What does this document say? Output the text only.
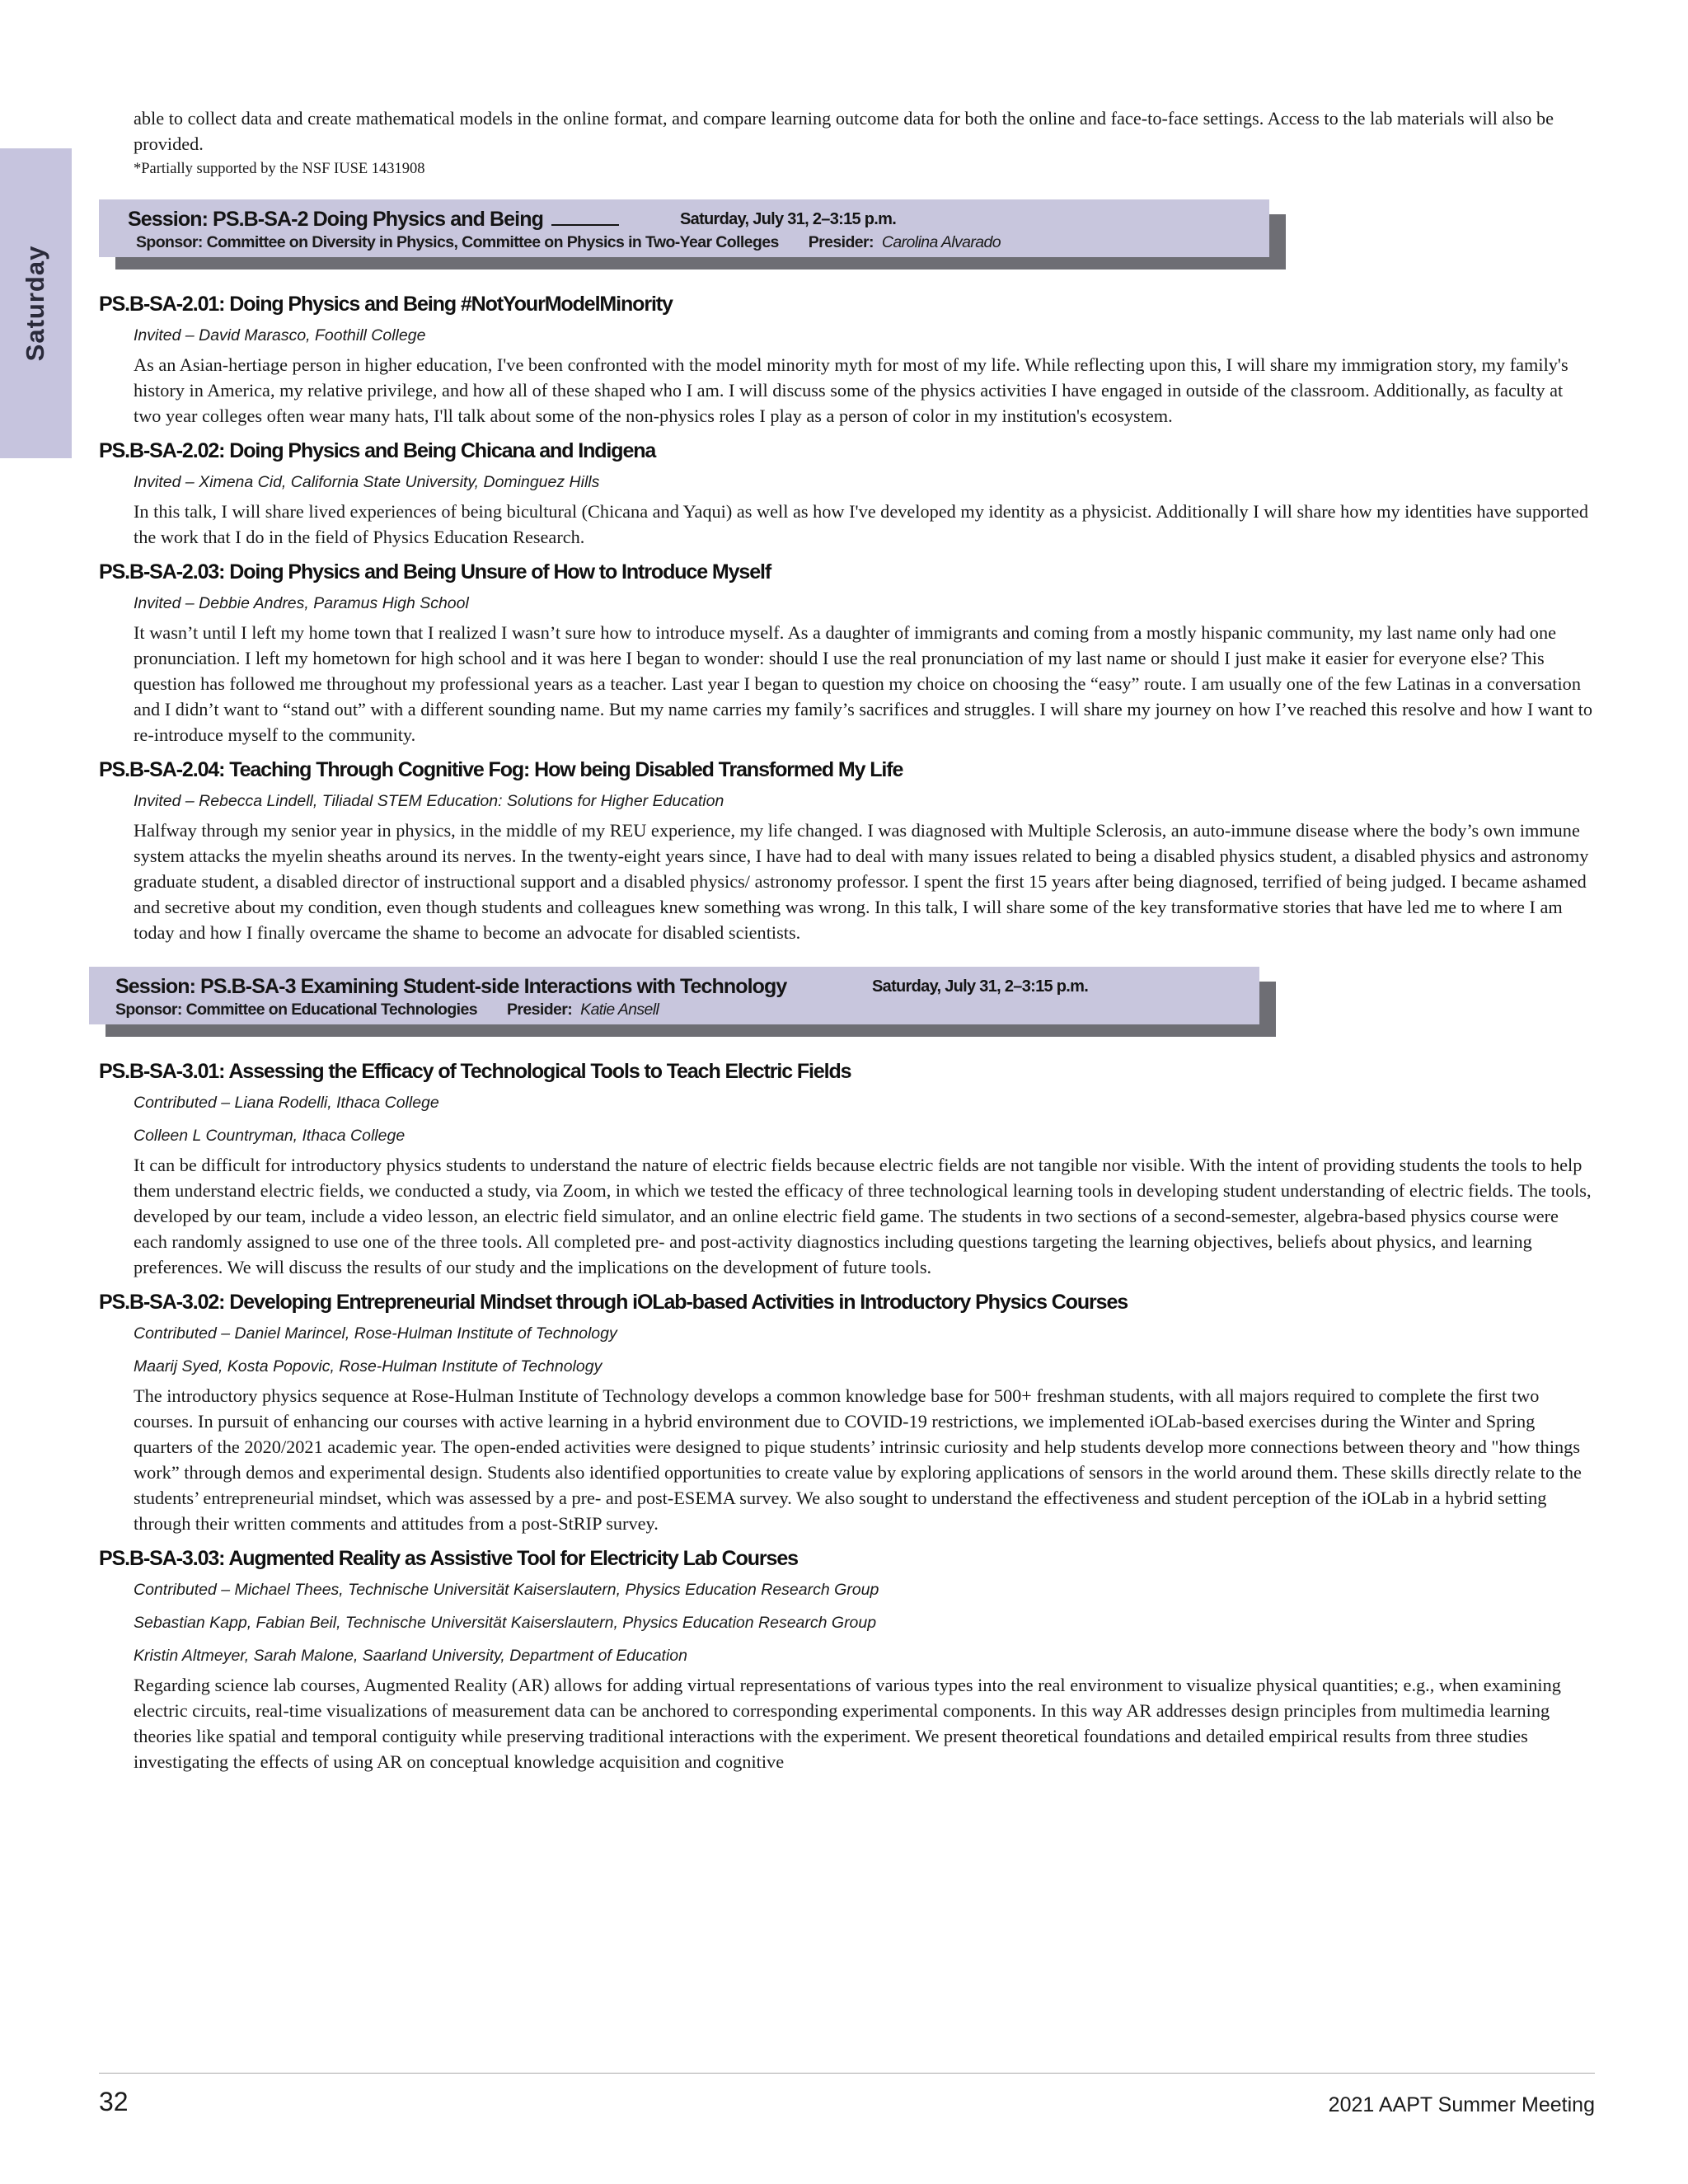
Saturday
able to collect data and create mathematical models in the online format, and compare learning outcome data for both the online and face-to-face settings. Access to the lab materials will also be provided.
*Partially supported by the NSF IUSE 1431908
Session: PS.B-SA-2 Doing Physics and Being	Saturday, July 31, 2–3:15 p.m.
Sponsor: Committee on Diversity in Physics, Committee on Physics in Two-Year Colleges Presider: Carolina Alvarado
PS.B-SA-2.01: Doing Physics and Being #NotYourModelMinority
Invited – David Marasco, Foothill College
As an Asian-hertiage person in higher education, I've been confronted with the model minority myth for most of my life. While reflecting upon this, I will share my immigration story, my family's history in America, my relative privilege, and how all of these shaped who I am. I will discuss some of the physics activities I have engaged in outside of the classroom. Additionally, as faculty at two year colleges often wear many hats, I'll talk about some of the non-physics roles I play as a person of color in my institution's ecosystem.
PS.B-SA-2.02: Doing Physics and Being Chicana and Indigena
Invited – Ximena Cid, California State University, Dominguez Hills
In this talk, I will share lived experiences of being bicultural (Chicana and Yaqui) as well as how I've developed my identity as a physicist. Additionally I will share how my identities have supported the work that I do in the field of Physics Education Research.
PS.B-SA-2.03: Doing Physics and Being Unsure of How to Introduce Myself
Invited – Debbie Andres, Paramus High School
It wasn’t until I left my home town that I realized I wasn’t sure how to introduce myself. As a daughter of immigrants and coming from a mostly hispanic community, my last name only had one pronunciation. I left my hometown for high school and it was here I began to wonder: should I use the real pronunciation of my last name or should I just make it easier for everyone else? This question has followed me throughout my professional years as a teacher. Last year I began to question my choice on choosing the “easy” route. I am usually one of the few Latinas in a conversation and I didn’t want to “stand out” with a different sounding name. But my name carries my family’s sacrifices and struggles. I will share my journey on how I’ve reached this resolve and how I want to re-introduce myself to the community.
PS.B-SA-2.04: Teaching Through Cognitive Fog: How being Disabled Transformed My Life
Invited – Rebecca Lindell, Tiliadal STEM Education: Solutions for Higher Education
Halfway through my senior year in physics, in the middle of my REU experience, my life changed. I was diagnosed with Multiple Sclerosis, an auto-immune disease where the body’s own immune system attacks the myelin sheaths around its nerves. In the twenty-eight years since, I have had to deal with many issues related to being a disabled physics student, a disabled physics and astronomy graduate student, a disabled director of instructional support and a disabled physics/ astronomy professor. I spent the first 15 years after being diagnosed, terrified of being judged. I became ashamed and secretive about my condition, even though students and colleagues knew something was wrong. In this talk, I will share some of the key transformative stories that have led me to where I am today and how I finally overcame the shame to become an advocate for disabled scientists.
Session: PS.B-SA-3 Examining Student-side Interactions with Technology	Saturday, July 31, 2–3:15 p.m.
Sponsor: Committee on Educational Technologies Presider: Katie Ansell
PS.B-SA-3.01: Assessing the Efficacy of Technological Tools to Teach Electric Fields
Contributed – Liana Rodelli, Ithaca College
Colleen L Countryman, Ithaca College
It can be difficult for introductory physics students to understand the nature of electric fields because electric fields are not tangible nor visible. With the intent of providing students the tools to help them understand electric fields, we conducted a study, via Zoom, in which we tested the efficacy of three technological learning tools in developing student understanding of electric fields. The tools, developed by our team, include a video lesson, an electric field simulator, and an online electric field game. The students in two sections of a second-semester, algebra-based physics course were each randomly assigned to use one of the three tools. All completed pre- and post-activity diagnostics including questions targeting the learning objectives, beliefs about physics, and learning preferences. We will discuss the results of our study and the implications on the development of future tools.
PS.B-SA-3.02: Developing Entrepreneurial Mindset through iOLab-based Activities in Introductory Physics Courses
Contributed – Daniel Marincel, Rose-Hulman Institute of Technology
Maarij Syed, Kosta Popovic, Rose-Hulman Institute of Technology
The introductory physics sequence at Rose-Hulman Institute of Technology develops a common knowledge base for 500+ freshman students, with all majors required to complete the first two courses. In pursuit of enhancing our courses with active learning in a hybrid environment due to COVID-19 restrictions, we implemented iOLab-based exercises during the Winter and Spring quarters of the 2020/2021 academic year. The open-ended activities were designed to pique students’ intrinsic curiosity and help students develop more connections between theory and "how things work” through demos and experimental design. Students also identified opportunities to create value by exploring applications of sensors in the world around them. These skills directly relate to the students’ entrepreneurial mindset, which was assessed by a pre- and post-ESEMA survey. We also sought to understand the effectiveness and student perception of the iOLab in a hybrid setting through their written comments and attitudes from a post-StRIP survey.
PS.B-SA-3.03: Augmented Reality as Assistive Tool for Electricity Lab Courses
Contributed – Michael Thees, Technische Universität Kaiserslautern, Physics Education Research Group
Sebastian Kapp, Fabian Beil, Technische Universität Kaiserslautern, Physics Education Research Group
Kristin Altmeyer, Sarah Malone, Saarland University, Department of Education
Regarding science lab courses, Augmented Reality (AR) allows for adding virtual representations of various types into the real environment to visualize physical quantities; e.g., when examining electric circuits, real-time visualizations of measurement data can be anchored to corresponding experimental components. In this way AR addresses design principles from multimedia learning theories like spatial and temporal contiguity while preserving traditional interactions with the experiment. We present theoretical foundations and detailed empirical results from three studies investigating the effects of using AR on conceptual knowledge acquisition and cognitive
32	2021 AAPT Summer Meeting
